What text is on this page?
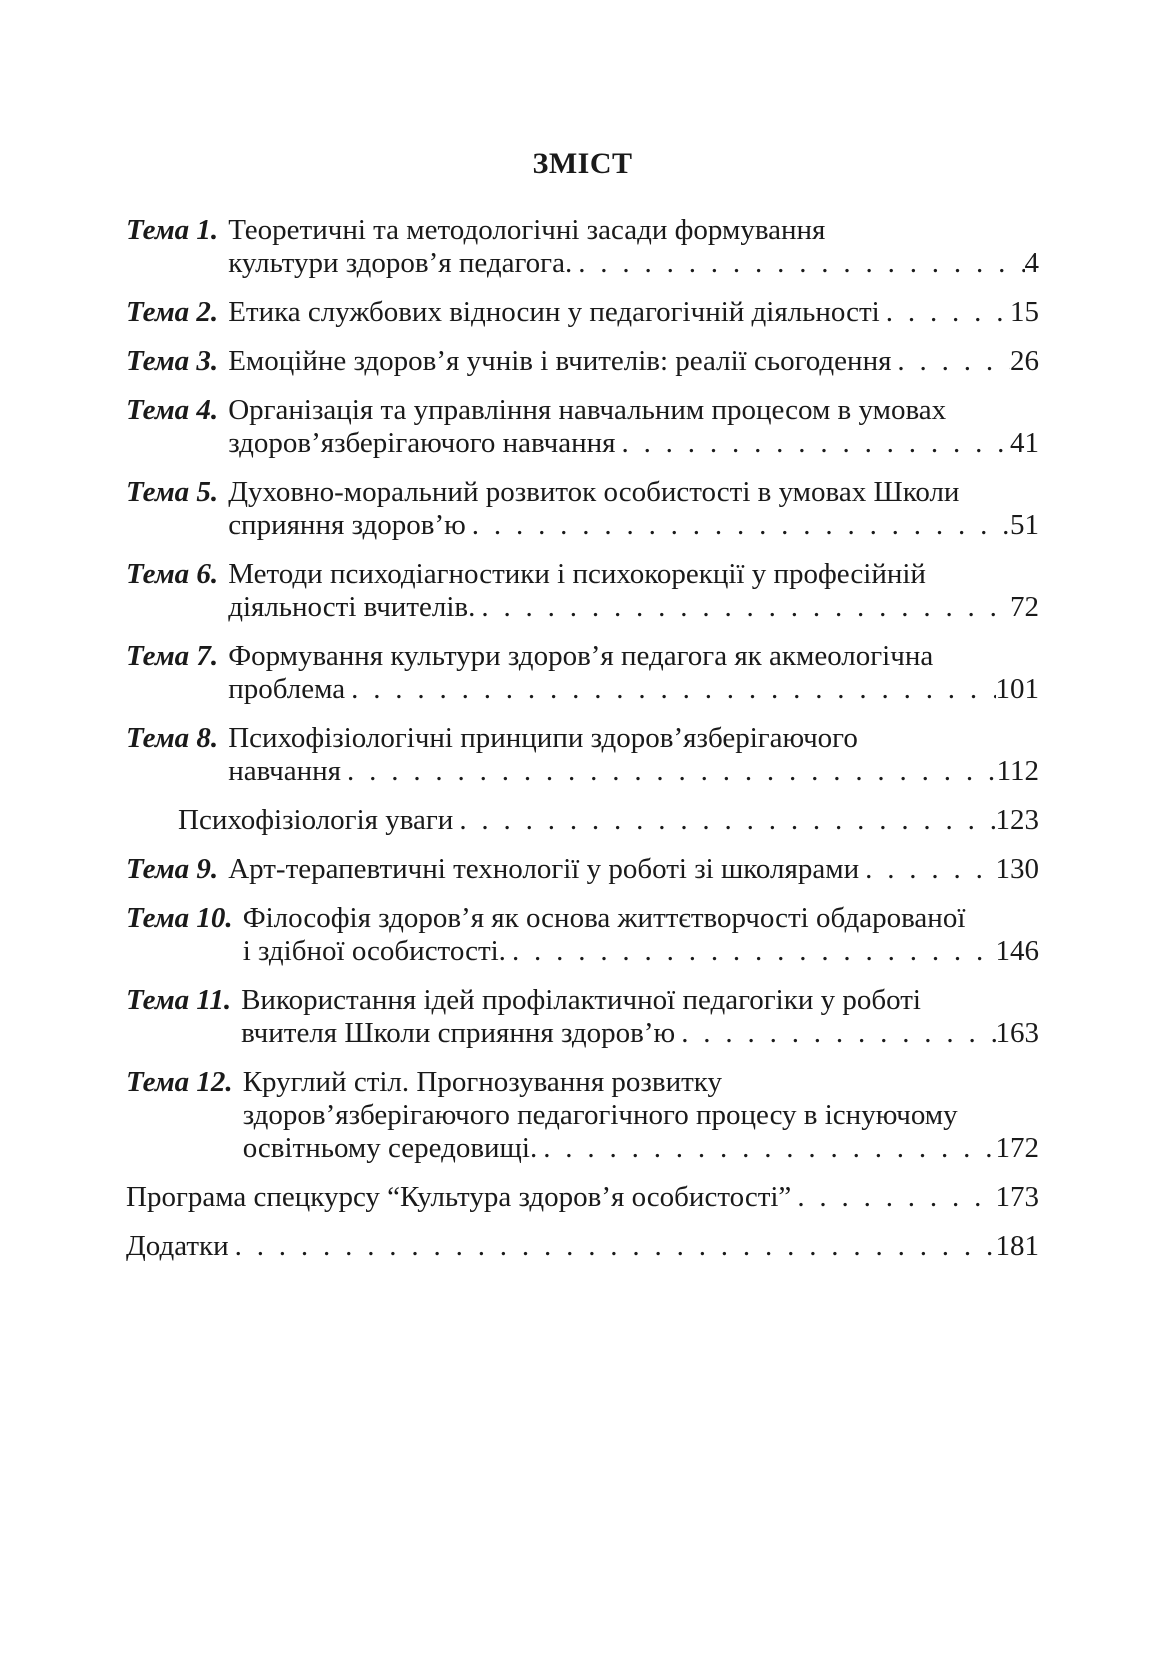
ЗМІСТ
Тема 1. Теоретичні та методологічні засади формування
культури здоров’я педагога. . . .	4
Тема 2. Етика службових відносин у педагогічній діяльності . . .	15
Тема 3. Емоційне здоров’я учнів і вчителів: реалії сьогодення . . .	26
Тема 4. Організація та управління навчальним процесом в умовах
здоров’язберігаючого навчання . . .	41
Тема 5. Духовно-моральний розвиток особистості в умовах Школи
сприяння здоров’ю . . .	51
Тема 6. Методи психодіагностики і психокорекції у професійній
діяльності вчителів. . . .	72
Тема 7. Формування культури здоров’я педагога як акмеологічна
проблема . . .	101
Тема 8. Психофізіологічні принципи здоров’язберігаючого
навчання . . .	112
Психофізіологія уваги . . .	123
Тема 9. Арт-терапевтичні технології у роботі зі школярами . . .	130
Тема 10. Філософія здоров’я як основа життєтворчості обдарованої
і здібної особистості. . . .	146
Тема 11. Використання ідей профілактичної педагогіки у роботі
вчителя Школи сприяння здоров’ю . . .	163
Тема 12. Круглий стіл. Прогнозування розвитку
здоров’язберігаючого педагогічного процесу в існуючому
освітньому середовищі. . . .	172
Програма спецкурсу “Культура здоров’я особистості” . . .	173
Додатки . . .	181
